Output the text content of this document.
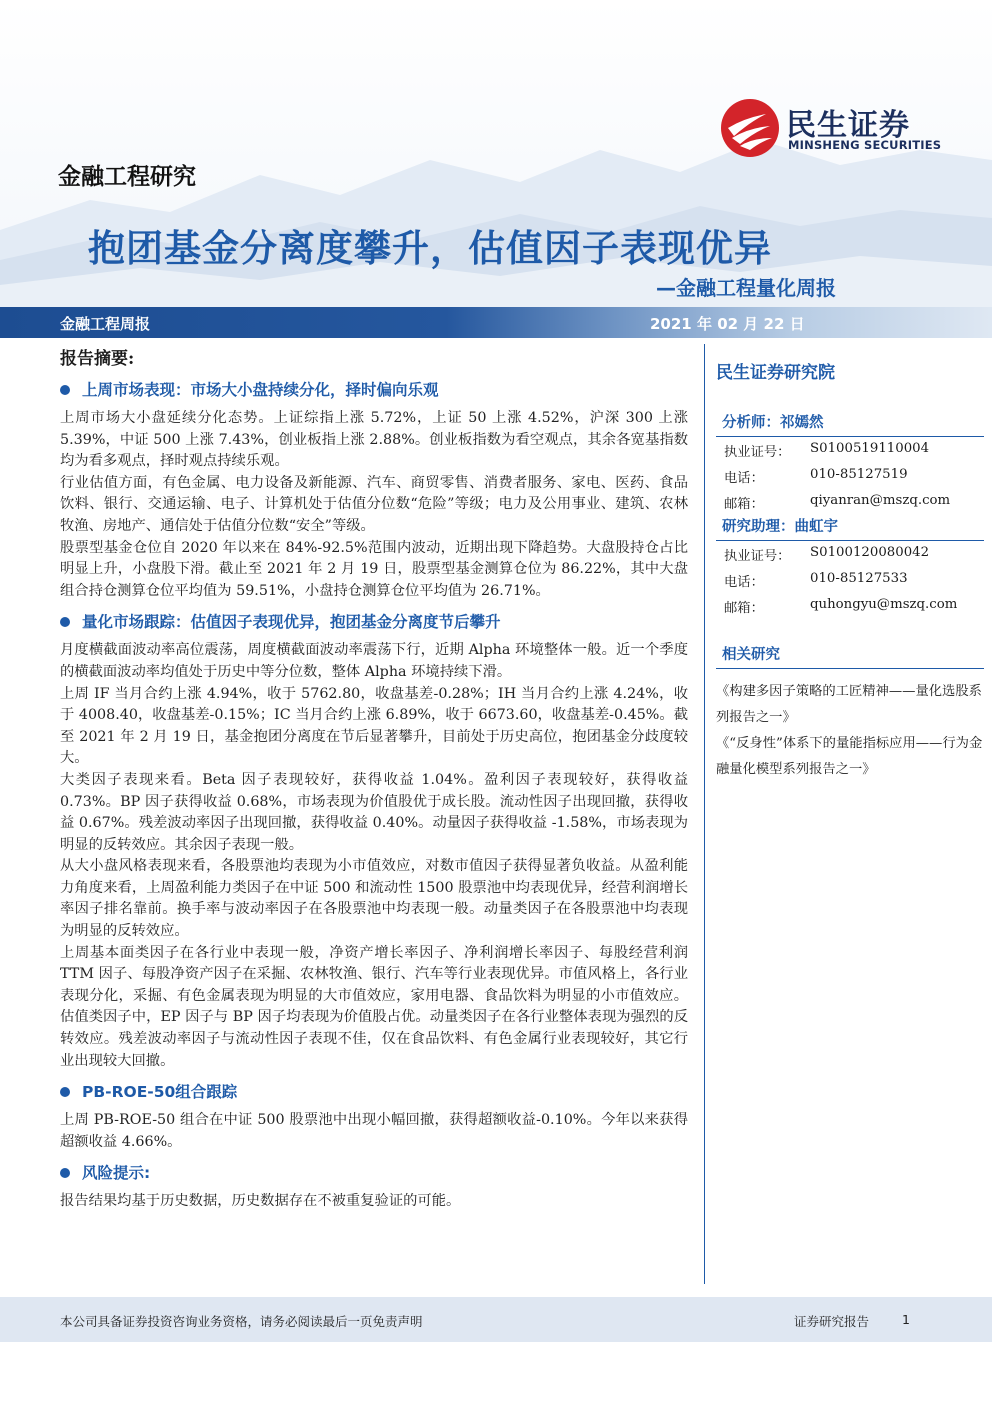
民生证券
MINSHENG SECURITIES
金融工程研究
抱团基金分离度攀升，估值因子表现优异
—金融工程量化周报
金融工程周报	2021 年 02 月 22 日
报告摘要:
上周市场表现：市场大小盘持续分化，择时偏向乐观

上周市场大小盘延续分化态势。上证综指上涨 5.72%，上证 50 上涨 4.52%，沪深 300 上涨 5.39%，中证 500 上涨 7.43%，创业板指上涨 2.88%。创业板指数为看空观点，其余各宽基指数均为看多观点，择时观点持续乐观。

行业估值方面，有色金属、电力设备及新能源、汽车、商贸零售、消费者服务、家电、医药、食品饮料、银行、交通运输、电子、计算机处于估值分位数“危险”等级；电力及公用事业、建筑、农林牧渔、房地产、通信处于估值分位数“安全”等级。

股票型基金仓位自 2020 年以来在 84%-92.5%范围内波动，近期出现下降趋势。大盘股持仓占比明显上升，小盘股下滑。截止至 2021 年 2 月 19 日，股票型基金测算仓位为 86.22%，其中大盘组合持仓测算仓位平均值为 59.51%，小盘持仓测算仓位平均值为 26.71%。

量化市场跟踪：估值因子表现优异，抱团基金分离度节后攀升

月度横截面波动率高位震荡，周度横截面波动率震荡下行，近期 Alpha 环境整体一般。近一个季度的横截面波动率均值处于历史中等分位数，整体 Alpha 环境持续下滑。

上周 IF 当月合约上涨 4.94%，收于 5762.80，收盘基差-0.28%；IH 当月合约上涨 4.24%，收于 4008.40，收盘基差-0.15%；IC 当月合约上涨 6.89%，收于 6673.60，收盘基差-0.45%。截至 2021 年 2 月 19 日，基金抱团分离度在节后显著攀升，目前处于历史高位，抱团基金分歧度较大。

大类因子表现来看。Beta 因子表现较好，获得收益 1.04%。盈利因子表现较好，获得收益 0.73%。BP 因子获得收益 0.68%，市场表现为价值股优于成长股。流动性因子出现回撤，获得收益 0.67%。残差波动率因子出现回撤，获得收益 0.40%。动量因子获得收益 -1.58%，市场表现为明显的反转效应。其余因子表现一般。

从大小盘风格表现来看，各股票池均表现为小市值效应，对数市值因子获得显著负收益。从盈利能力角度来看，上周盈利能力类因子在中证 500 和流动性 1500 股票池中均表现优异，经营利润增长率因子排名靠前。换手率与波动率因子在各股票池中均表现一般。动量类因子在各股票池中均表现为明显的反转效应。

上周基本面类因子在各行业中表现一般，净资产增长率因子、净利润增长率因子、每股经营利润 TTM 因子、每股净资产因子在采掘、农林牧渔、银行、汽车等行业表现优异。市值风格上，各行业表现分化，采掘、有色金属表现为明显的大市值效应，家用电器、食品饮料为明显的小市值效应。估值类因子中，EP 因子与 BP 因子均表现为价值股占优。动量类因子在各行业整体表现为强烈的反转效应。残差波动率因子与流动性因子表现不佳，仅在食品饮料、有色金属行业表现较好，其它行业出现较大回撤。

PB-ROE-50组合跟踪

上周 PB-ROE-50 组合在中证 500 股票池中出现小幅回撤，获得超额收益-0.10%。今年以来获得超额收益 4.66%。

风险提示:

报告结果均基于历史数据，历史数据存在不被重复验证的可能。

民生证券研究院
分析师：祁嫣然
执业证号： S0100519110004
电话：	010-85127519
邮箱：	qiyanran@mszq.com
研究助理：曲虹宇
执业证号： S0100120080042
电话：	010-85127533
邮箱：	quhongyu@mszq.com
相关研究

《构建多因子策略的工匠精神——量化选股系列报告之一》

《“反身性”体系下的量能指标应用——行为金融量化模型系列报告之一》

本公司具备证券投资咨询业务资格，请务必阅读最后一页免责声明	证券研究报告	1
